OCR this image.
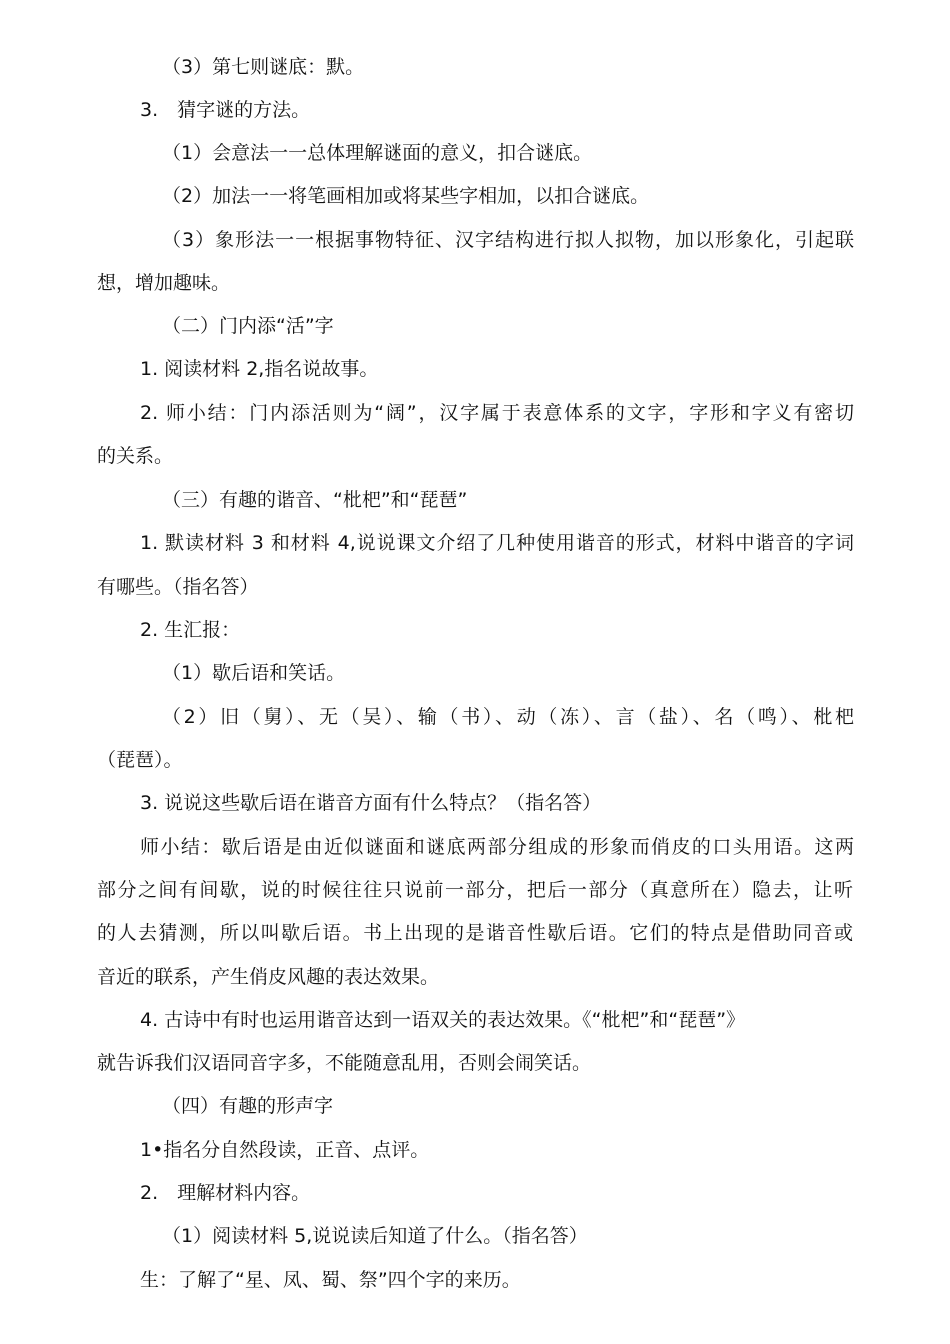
（3）第七则谜底：默。
3.　猜字谜的方法。
（1）会意法一一总体理解谜面的意义，扣合谜底。
（2）加法一一将笔画相加或将某些字相加，以扣合谜底。
（3）象形法一一根据事物特征、汉字结构进行拟人拟物，加以形象化，引起联
想，增加趣味。
（二）门内添“活”字
1. 阅读材料 2,指名说故事。
2. 师小结：门内添活则为“阔”，汉字属于表意体系的文字，字形和字义有密切
的关系。
（三）有趣的谐音、“枇杷”和“琵琶”
1. 默读材料 3 和材料 4,说说课文介绍了几种使用谐音的形式，材料中谐音的字词
有哪些。（指名答）
2. 生汇报：
（1）歇后语和笑话。
（2）旧（舅）、无（吴）、输（书）、动（冻）、言（盐）、名（鸣）、枇杷
（琵琶）。
3. 说说这些歇后语在谐音方面有什么特点？（指名答）
师小结：歇后语是由近似谜面和谜底两部分组成的形象而俏皮的口头用语。这两
部分之间有间歇，说的时候往往只说前一部分，把后一部分（真意所在）隐去，让听
的人去猜测，所以叫歇后语。书上出现的是谐音性歇后语。它们的特点是借助同音或
音近的联系，产生俏皮风趣的表达效果。
4. 古诗中有时也运用谐音达到一语双关的表达效果。《“枇杷”和“琵琶”》
就告诉我们汉语同音字多，不能随意乱用，否则会闹笑话。
（四）有趣的形声字
1•指名分自然段读，正音、点评。
2.　理解材料内容。
（1）阅读材料 5,说说读后知道了什么。（指名答）
生：了解了“星、凤、蜀、祭”四个字的来历。
